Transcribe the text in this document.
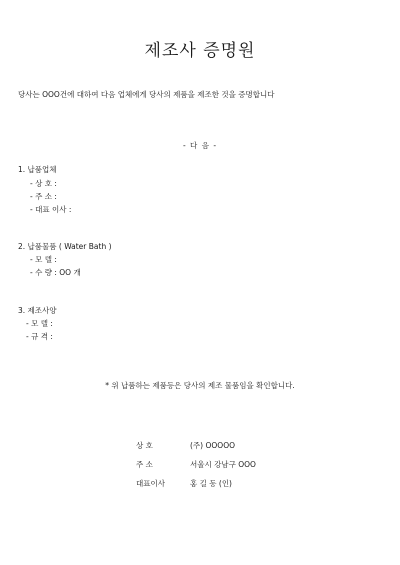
제조사 증명원
당사는 OOO건에 대하여 다음 업체에게 당사의 제품을 제조한 것을 증명합니다
- 다 음 -
1. 납품업체
- 상 호 :
- 주 소 :
- 대표 이사 :
2. 납품물품 ( Water Bath )
- 모 델 :
- 수 량 : OO 개
3. 제조사양
- 모 델 :
- 규 격 :
* 위 납품하는 제품등은 당사의 제조 물품임을 확인합니다.
상 호	(주) OOOOO
주 소	서울시 강남구 OOO
대표이사	홍 길 동 (인)
